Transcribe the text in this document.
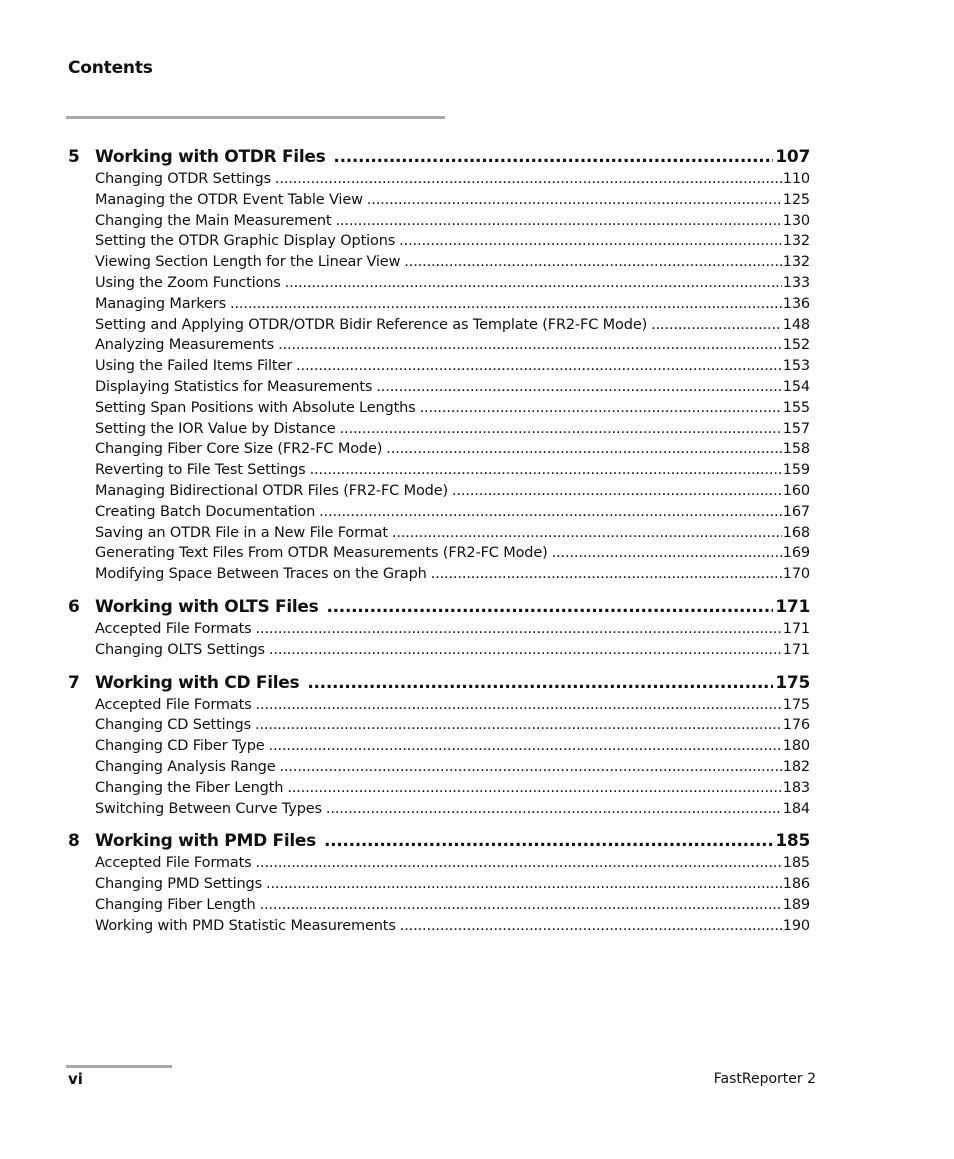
Contents
5 Working with OTDR Files .....	107
Changing OTDR Settings .....	110
Managing the OTDR Event Table View .....	125
Changing the Main Measurement .....	130
Setting the OTDR Graphic Display Options .....	132
Viewing Section Length for the Linear View .....	132
Using the Zoom Functions .....	133
Managing Markers .....	136
Setting and Applying OTDR/OTDR Bidir Reference as Template (FR2-FC Mode) .....	148
Analyzing Measurements .....	152
Using the Failed Items Filter .....	153
Displaying Statistics for Measurements .....	154
Setting Span Positions with Absolute Lengths .....	155
Setting the IOR Value by Distance .....	157
Changing Fiber Core Size (FR2-FC Mode) .....	158
Reverting to File Test Settings .....	159
Managing Bidirectional OTDR Files (FR2-FC Mode) .....	160
Creating Batch Documentation .....	167
Saving an OTDR File in a New File Format .....	168
Generating Text Files From OTDR Measurements (FR2-FC Mode) .....	169
Modifying Space Between Traces on the Graph .....	170
6 Working with OLTS Files .....	171
Accepted File Formats .....	171
Changing OLTS Settings .....	171
7 Working with CD Files .....	175
Accepted File Formats .....	175
Changing CD Settings .....	176
Changing CD Fiber Type .....	180
Changing Analysis Range .....	182
Changing the Fiber Length .....	183
Switching Between Curve Types .....	184
8 Working with PMD Files .....	185
Accepted File Formats .....	185
Changing PMD Settings .....	186
Changing Fiber Length .....	189
Working with PMD Statistic Measurements .....	190
vi	FastReporter 2
